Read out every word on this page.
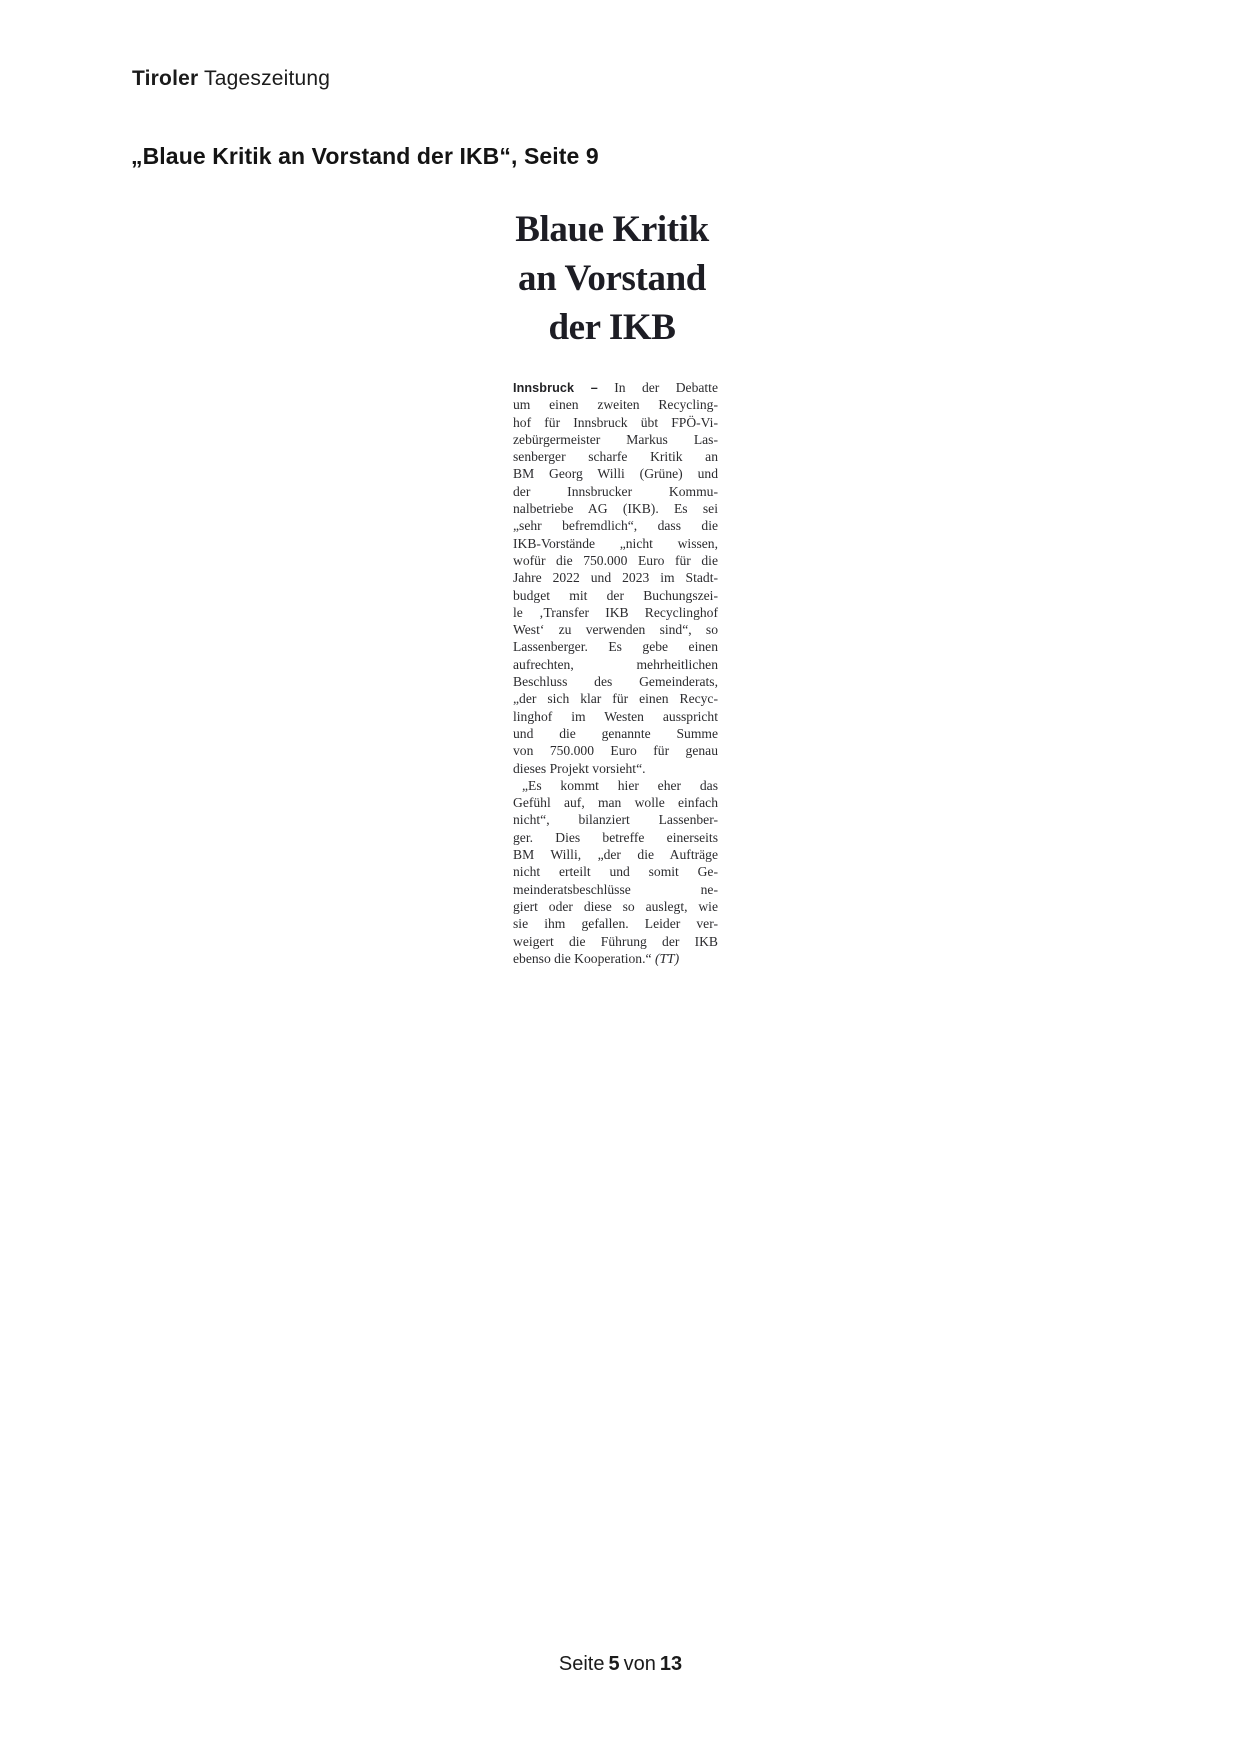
Tiroler Tageszeitung
„Blaue Kritik an Vorstand der IKB“, Seite 9
Blaue Kritik
an Vorstand
der IKB
Innsbruck – In der Debatte
um einen zweiten Recycling-
hof für Innsbruck übt FPÖ-Vi-
zebürgermeister Markus Las-
senberger scharfe Kritik an
BM Georg Willi (Grüne) und
der Innsbrucker Kommu-
nalbetriebe AG (IKB). Es sei
„sehr befremdlich“, dass die
IKB-Vorstände „nicht wissen,
wofür die 750.000 Euro für die
Jahre 2022 und 2023 im Stadt-
budget mit der Buchungszei-
le ‚Transfer IKB Recyclinghof
West‘ zu verwenden sind“, so
Lassenberger. Es gebe einen
aufrechten, mehrheitlichen
Beschluss des Gemeinderats,
„der sich klar für einen Recyc-
linghof im Westen ausspricht
und die genannte Summe
von 750.000 Euro für genau
dieses Projekt vorsieht“.
„Es kommt hier eher das
Gefühl auf, man wolle einfach
nicht“, bilanziert Lassenber-
ger. Dies betreffe einerseits
BM Willi, „der die Aufträge
nicht erteilt und somit Ge-
meinderatsbeschlüsse ne-
giert oder diese so auslegt, wie
sie ihm gefallen. Leider ver-
weigert die Führung der IKB
ebenso die Kooperation.“ (TT)
Seite 5 von 13
